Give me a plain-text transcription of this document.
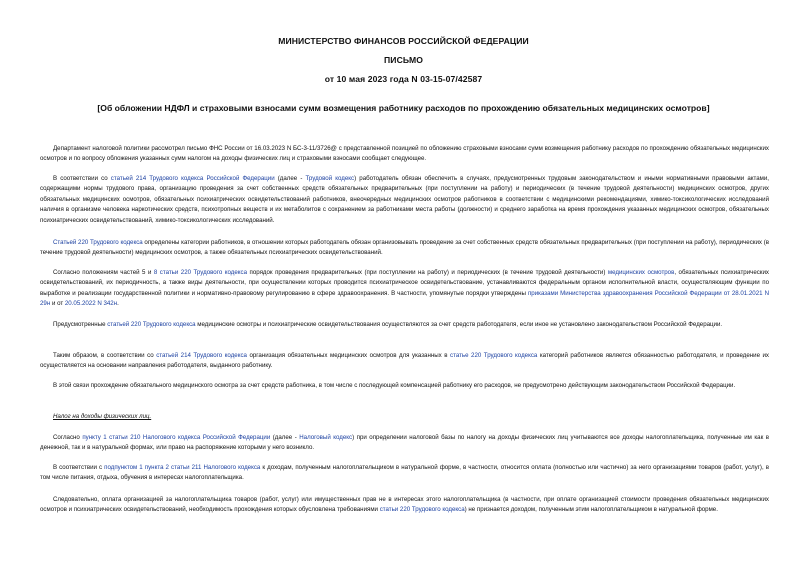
МИНИСТЕРСТВО ФИНАНСОВ РОССИЙСКОЙ ФЕДЕРАЦИИ
ПИСЬМО
от 10 мая 2023 года N 03-15-07/42587
[Об обложении НДФЛ и страховыми взносами сумм возмещения работнику расходов по прохождению обязательных медицинских осмотров]
Департамент налоговой политики рассмотрел письмо ФНС России от 16.03.2023 N БС-3-11/3726@ с представленной позицией по обложению страховыми взносами сумм возмещения работнику расходов по прохождению обязательных медицинских осмотров и по вопросу обложения указанных сумм налогом на доходы физических лиц и страховыми взносами сообщает следующее.
В соответствии со статьей 214 Трудового кодекса Российской Федерации (далее - Трудовой кодекс) работодатель обязан обеспечить в случаях, предусмотренных трудовым законодательством и иными нормативными правовыми актами, содержащими нормы трудового права, организацию проведения за счет собственных средств обязательных предварительных (при поступлении на работу) и периодических (в течение трудовой деятельности) медицинских осмотров, других обязательных медицинских осмотров, обязательных психиатрических освидетельствований работников, внеочередных медицинских осмотров работников в соответствии с медицинскими рекомендациями, химико-токсикологических исследований наличия в организме человека наркотических средств, психотропных веществ и их метаболитов с сохранением за работниками места работы (должности) и среднего заработка на время прохождения указанных медицинских осмотров, обязательных психиатрических освидетельствований, химико-токсикологических исследований.
Статьей 220 Трудового кодекса определены категории работников, в отношении которых работодатель обязан организовывать проведение за счет собственных средств обязательных предварительных (при поступлении на работу), периодических (в течение трудовой деятельности) медицинских осмотров, а также обязательных психиатрических освидетельствований.
Согласно положениям частей 5 и 8 статьи 220 Трудового кодекса порядок проведения предварительных (при поступлении на работу) и периодических (в течение трудовой деятельности) медицинских осмотров, обязательных психиатрических освидетельствований, их периодичность, а также виды деятельности, при осуществлении которых проводится психиатрическое освидетельствование, устанавливаются федеральным органом исполнительной власти, осуществляющим функции по выработке и реализации государственной политики и нормативно-правовому регулированию в сфере здравоохранения. В частности, упомянутые порядки утверждены приказами Министерства здравоохранения Российской Федерации от 28.01.2021 N 29н и от 20.05.2022 N 342н.
Предусмотренные статьей 220 Трудового кодекса медицинские осмотры и психиатрические освидетельствования осуществляются за счет средств работодателя, если иное не установлено законодательством Российской Федерации.
Таким образом, в соответствии со статьей 214 Трудового кодекса организация обязательных медицинских осмотров для указанных в статье 220 Трудового кодекса категорий работников является обязанностью работодателя, и проведение их осуществляется на основании направления работодателя, выданного работнику.
В этой связи прохождение обязательного медицинского осмотра за счет средств работника, в том числе с последующей компенсацией работнику его расходов, не предусмотрено действующим законодательством Российской Федерации.
Налог на доходы физических лиц.
Согласно пункту 1 статьи 210 Налогового кодекса Российской Федерации (далее - Налоговый кодекс) при определении налоговой базы по налогу на доходы физических лиц учитываются все доходы налогоплательщика, полученные им как в денежной, так и в натуральной формах, или право на распоряжение которыми у него возникло.
В соответствии с подпунктом 1 пункта 2 статьи 211 Налогового кодекса к доходам, полученным налогоплательщиком в натуральной форме, в частности, относится оплата (полностью или частично) за него организациями товаров (работ, услуг), в том числе питания, отдыха, обучения в интересах налогоплательщика.
Следовательно, оплата организацией за налогоплательщика товаров (работ, услуг) или имущественных прав не в интересах этого налогоплательщика (в частности, при оплате организацией стоимости проведения обязательных медицинских осмотров и психиатрических освидетельствований, необходимость прохождения которых обусловлена требованиями статьи 220 Трудового кодекса) не признается доходом, полученным этим налогоплательщиком в натуральной форме.
